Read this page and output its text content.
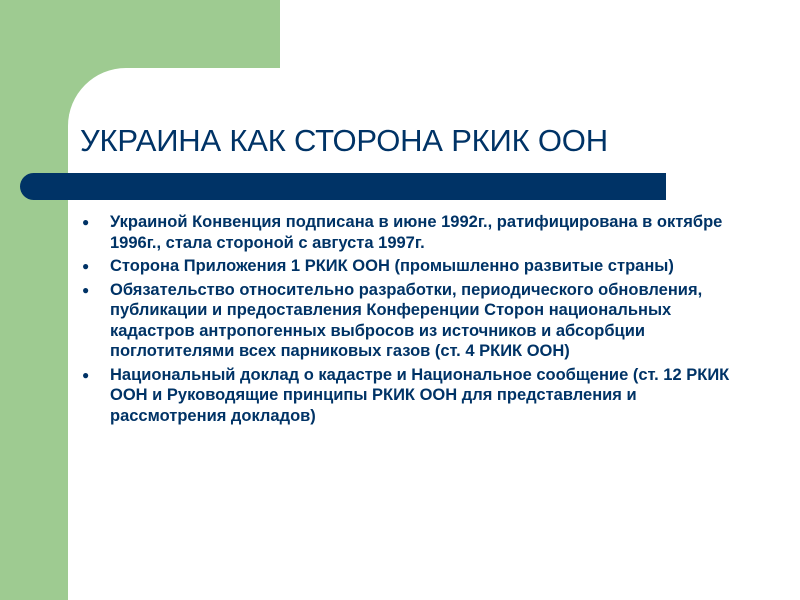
УКРАИНА КАК СТОРОНА РКИК ООН
● Украиной Конвенция подписана в июне 1992г., ратифицирована в октябре 1996г., стала стороной с августа 1997г.
● Сторона Приложения 1 РКИК ООН (промышленно развитые страны)
● Обязательство относительно разработки, периодического обновления, публикации и предоставления Конференции Сторон национальных кадастров антропогенных выбросов из источников и абсорбции поглотителями всех парниковых газов (ст. 4 РКИК ООН)
● Национальный доклад о кадастре и Национальное сообщение (ст. 12 РКИК ООН и Руководящие принципы РКИК ООН для представления и рассмотрения докладов)
